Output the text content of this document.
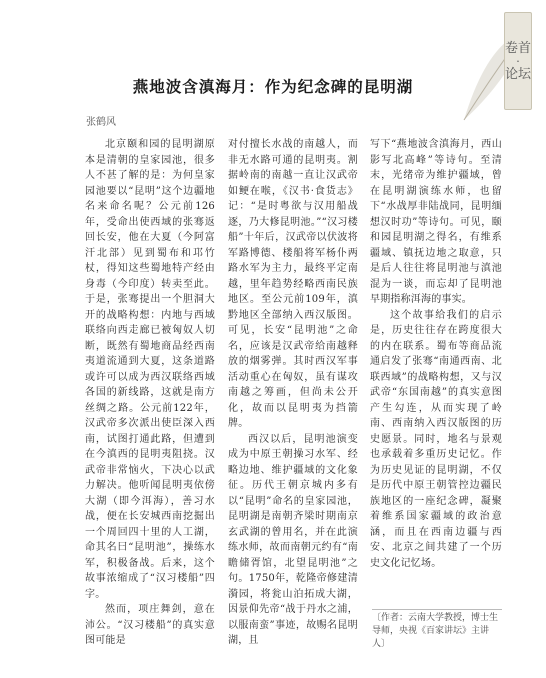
卷首
·
论坛
燕地波含滇海月：作为纪念碑的昆明湖
张鹤风

北京颐和园的昆明湖原本是清朝的皇家园池，很多人不甚了解的是：为何皇家园池要以“昆明”这个边疆地名来命名呢？公元前126年，受命出使西域的张骞返回长安，他在大夏（今阿富汗北部）见到蜀布和邛竹杖，得知这些蜀地特产经由身毒（今印度）转卖至此。于是，张骞提出一个胆洞大开的战略构想：内地与西域联络向西走廊已被匈奴人切断，既然有蜀地商品经西南夷道流通到大夏，这条道路或许可以成为西汉联络西域各国的新线路，这就是南方丝绸之路。公元前122年，汉武帝多次派出使臣深入西南，试图打通此路，但遭到在今滇西的昆明夷阻挠。汉武帝非常恼火，下决心以武力解决。他听闻昆明夷依傍大湖（即今洱海），善习水战，便在长安城西南挖掘出一个周回四十里的人工湖，命其名曰“昆明池”，操练水军，积极备战。后来，这个故事浓缩成了“汉习楼船”四字。

然而，项庄舞剑，意在沛公。“汉习楼船”的真实意图可能是

对付擅长水战的南越人，而非无水路可通的昆明夷。割据岭南的南越一直让汉武帝如鲠在喉，《汉书·食货志》记：“是时粤欲与汉用船战逐，乃大修昆明池。”“汉习楼船”十年后，汉武帝以伏波将军路博德、楼船将军杨仆两路水军为主力，最终平定南越，里年趋势经略西南民族地区。至公元前109年，滇黔地区全部纳入西汉版图。可见，长安“昆明池”之命名，应该是汉武帝给南越释放的烟雾弹。其时西汉军事活动重心在匈奴，虽有谋攻南越之筹画，但尚未公开化，故而以昆明夷为挡箭牌。

西汉以后，昆明池演变成为中原王朝操习水军、经略边地、维护疆域的文化象征。历代王朝京城内多有以“昆明”命名的皇家园池，昆明湖是南朝齐梁时期南京玄武湖的曾用名，并在此演练水师，故而南朝元约有“南瞻储胥馆，北望昆明池”之句。1750年，乾隆帝修建清漪园，将瓮山泊拓成大湖，因景仰先帝“战于丹水之浦，以服南蛮”事迹，故赐名昆明湖，且

写下“燕地波含滇海月，西山影写北高峰”等诗句。至清末，光绪帝为维护疆域，曾在昆明湖演练水师，也留下“水战厚非陆战同，昆明缅想汉时功”等诗句。可见，颐和园昆明湖之得名，有维系疆域、镇抚边地之取意，只是后人往往将昆明池与滇池混为一谈，而忘却了昆明池早期指称洱海的事实。

这个故事给我们的启示是，历史往往存在跨度很大的内在联系。蜀布等商品流通启发了张骞“南通西南、北联西域”的战略构想，又与汉武帝“东国南越”的真实意图产生勾连，从而实现了岭南、西南纳入西汉版图的历史愿景。同时，地名与景观也承载着多重历史记忆。作为历史见证的昆明湖，不仅是历代中原王朝管控边疆民族地区的一座纪念碑，凝聚着维系国家疆域的政治意涵，而且在西南边疆与西安、北京之间共建了一个历史文化记忆场。

〔作者：云南大学教授，博士生导师，央视《百家讲坛》主讲人〕
